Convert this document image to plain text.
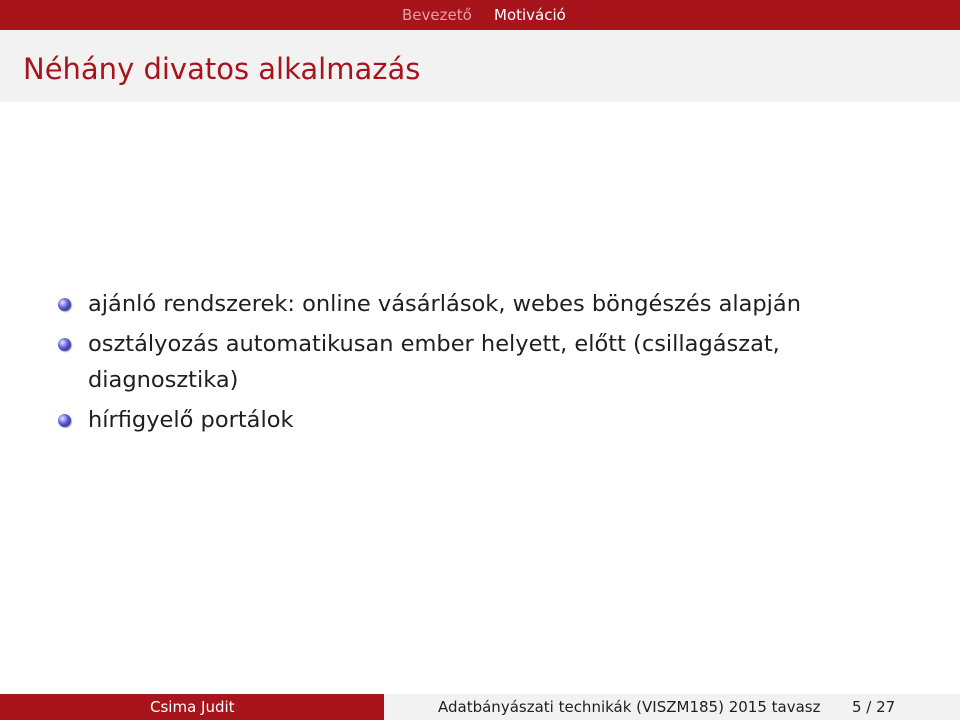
Bevezető Motiváció
Néhány divatos alkalmazás
ajánló rendszerek: online vásárlások, webes böngészés alapján
osztályozás automatikusan ember helyett, előtt (csillagászat, diagnosztika)
hírfigyelő portálok
Csima Judit	Adatbányászati technikák (VISZM185) 2015 tavasz 5 / 27
